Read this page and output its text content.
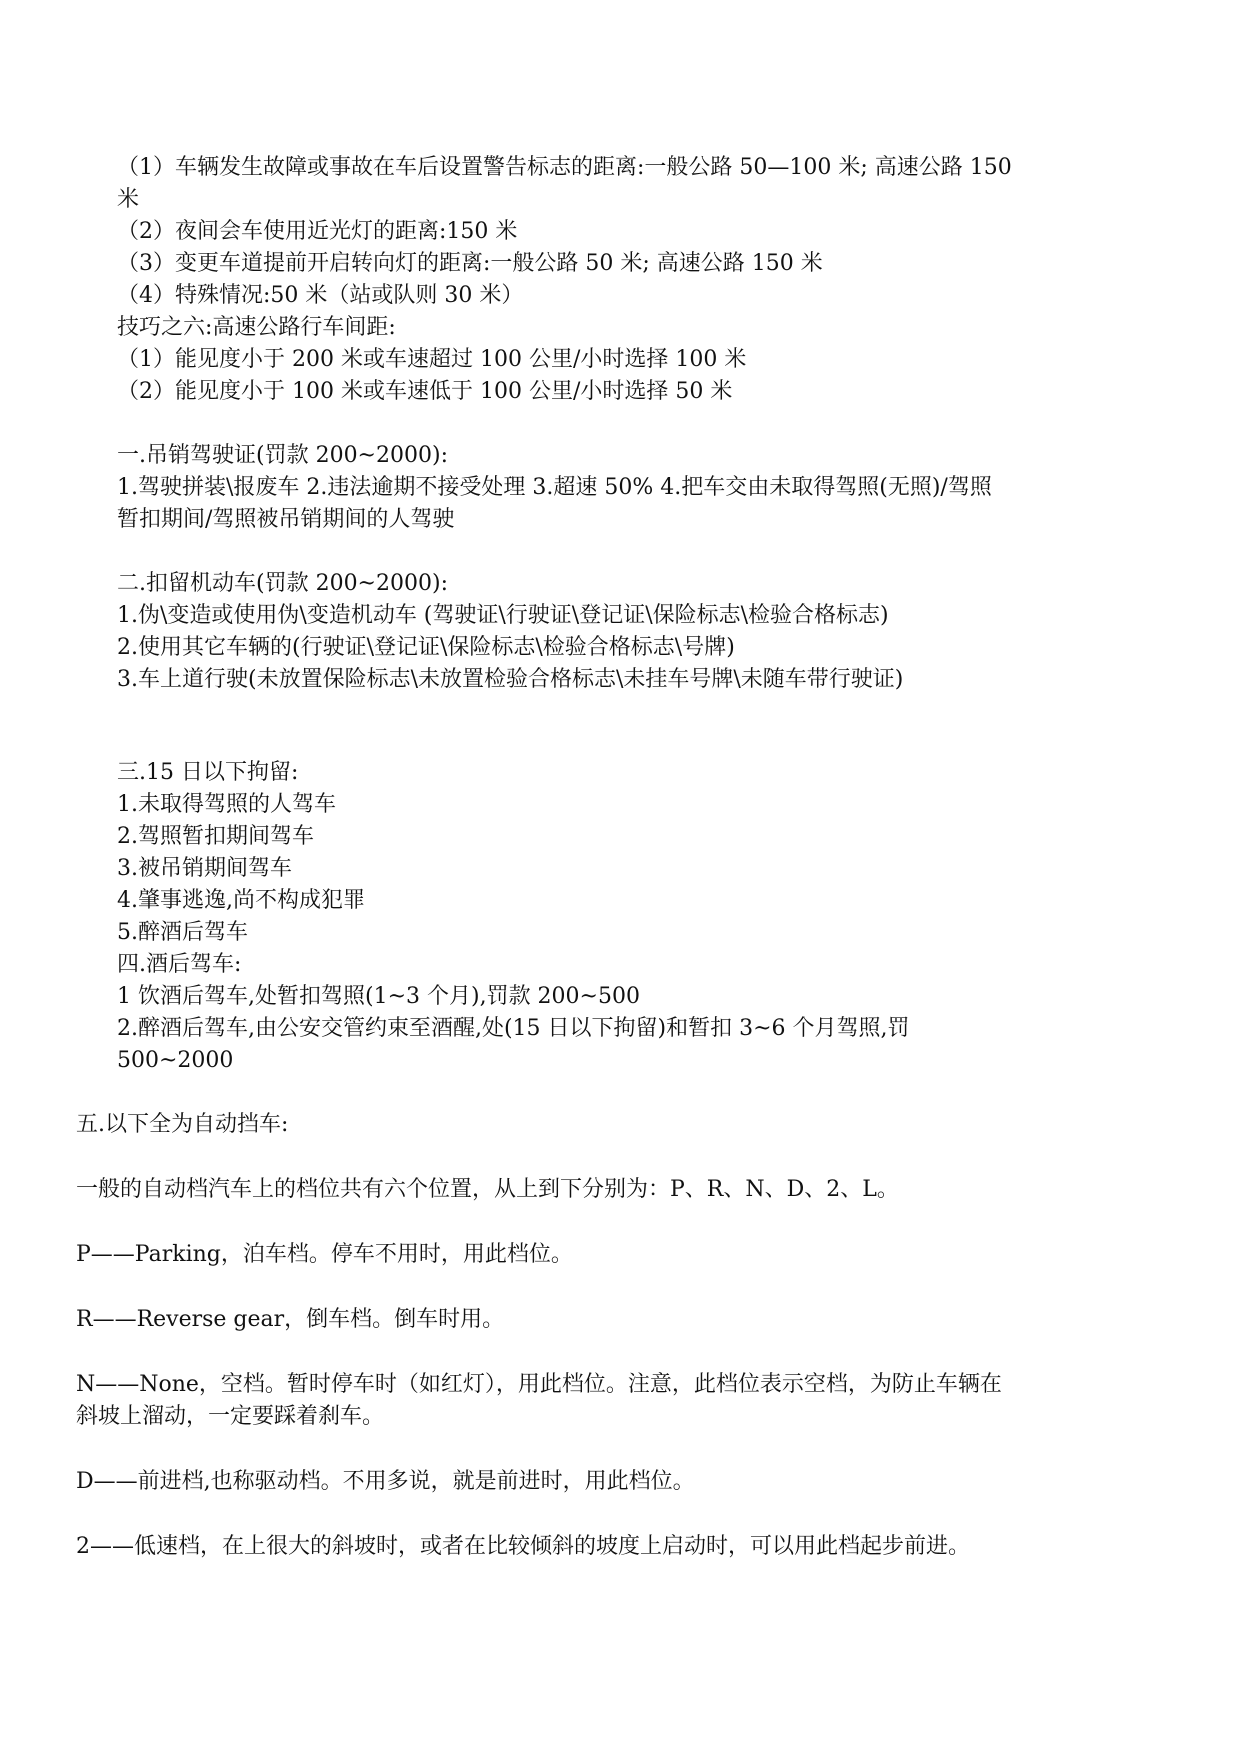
（1）车辆发生故障或事故在车后设置警告标志的距离:一般公路 50—100 米; 高速公路 150
米
（2）夜间会车使用近光灯的距离:150 米
（3）变更车道提前开启转向灯的距离:一般公路 50 米; 高速公路 150 米
（4）特殊情况:50 米（站或队则 30 米）
技巧之六:高速公路行车间距:
（1）能见度小于 200 米或车速超过 100 公里/小时选择 100 米
（2）能见度小于 100 米或车速低于 100 公里/小时选择 50 米
一.吊销驾驶证(罚款 200~2000):
1.驾驶拼装\报废车 2.违法逾期不接受处理 3.超速 50% 4.把车交由未取得驾照(无照)/驾照
暂扣期间/驾照被吊销期间的人驾驶
二.扣留机动车(罚款 200~2000):
1.伪\变造或使用伪\变造机动车 (驾驶证\行驶证\登记证\保险标志\检验合格标志)
2.使用其它车辆的(行驶证\登记证\保险标志\检验合格标志\号牌)
3.车上道行驶(未放置保险标志\未放置检验合格标志\未挂车号牌\未随车带行驶证)
三.15 日以下拘留:
1.未取得驾照的人驾车
2.驾照暂扣期间驾车
3.被吊销期间驾车
4.肇事逃逸,尚不构成犯罪
5.醉酒后驾车
四.酒后驾车:
1 饮酒后驾车,处暂扣驾照(1~3 个月),罚款 200~500
2.醉酒后驾车,由公安交管约束至酒醒,处(15 日以下拘留)和暂扣 3~6 个月驾照,罚
500~2000
五.以下全为自动挡车:
一般的自动档汽车上的档位共有六个位置，从上到下分别为：P、R、N、D、2、L。
P——Parking，泊车档。停车不用时，用此档位。
R——Reverse gear，倒车档。倒车时用。
N——None，空档。暂时停车时（如红灯），用此档位。注意，此档位表示空档，为防止车辆在
斜坡上溜动，一定要踩着刹车。
D——前进档,也称驱动档。不用多说，就是前进时，用此档位。
2——低速档，在上很大的斜坡时，或者在比较倾斜的坡度上启动时，可以用此档起步前进。
